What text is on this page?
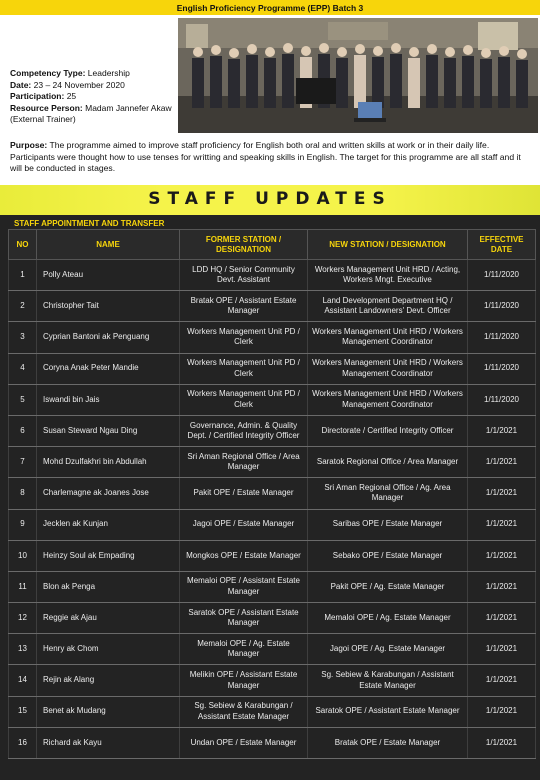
English Proficiency Programme (EPP) Batch 3
Competency Type: Leadership
Date: 23 – 24 November 2020
Participation: 25
Resource Person: Madam Jannefer Akaw (External Trainer)
Purpose: The programme aimed to improve staff proficiency for English both oral and written skills at work or in their daily life. Participants were thought how to use tenses for writting and speaking skills in English. The target for this programme are all staff and it will be conducted in stages.
STAFF UPDATES
STAFF APPOINTMENT AND TRANSFER
NO	NAME	FORMER STATION / DESIGNATION	NEW STATION / DESIGNATION	EFFECTIVE DATE
1	Polly Ateau	LDD HQ / Senior Community Devt. Assistant	Workers Management Unit HRD / Acting, Workers Mngt. Executive	1/11/2020
2	Christopher Tait	Bratak OPE / Assistant Estate Manager	Land Development Department HQ / Assistant Landowners' Devt. Officer	1/11/2020
3	Cyprian Bantoni ak Penguang	Workers Management Unit PD / Clerk	Workers Management Unit HRD / Workers Management Coordinator	1/11/2020
4	Coryna Anak Peter Mandie	Workers Management Unit PD / Clerk	Workers Management Unit HRD / Workers Management Coordinator	1/11/2020
5	Iswandi bin Jais	Workers Management Unit PD / Clerk	Workers Management Unit HRD / Workers Management Coordinator	1/11/2020
6	Susan Steward Ngau Ding	Governance, Admin. & Quality Dept. / Certified Integrity Officer	Directorate / Certified Integrity Officer	1/1/2021
7	Mohd Dzulfakhri bin Abdullah	Sri Aman Regional Office / Area Manager	Saratok Regional Office / Area Manager	1/1/2021
8	Charlemagne ak Joanes Jose	Pakit OPE / Estate Manager	Sri Aman Regional Office / Ag. Area Manager	1/1/2021
9	Jecklen ak Kunjan	Jagoi OPE / Estate Manager	Saribas OPE / Estate Manager	1/1/2021
10	Heinzy Soul ak Empading	Mongkos OPE / Estate Manager	Sebako OPE / Estate Manager	1/1/2021
11	Blon ak Penga	Memaloi OPE / Assistant Estate Manager	Pakit OPE / Ag. Estate Manager	1/1/2021
12	Reggie ak Ajau	Saratok OPE / Assistant Estate Manager	Memaloi OPE / Ag. Estate Manager	1/1/2021
13	Henry ak Chom	Memaloi OPE / Ag. Estate Manager	Jagoi OPE / Ag. Estate Manager	1/1/2021
14	Rejin ak Alang	Melikin OPE / Assistant Estate Manager	Sg. Sebiew & Karabungan / Assistant Estate Manager	1/1/2021
15	Benet ak Mudang	Sg. Sebiew & Karabungan / Assistant Estate Manager	Saratok OPE / Assistant Estate Manager	1/1/2021
16	Richard ak Kayu	Undan OPE / Estate Manager	Bratak OPE / Estate Manager	1/1/2021
